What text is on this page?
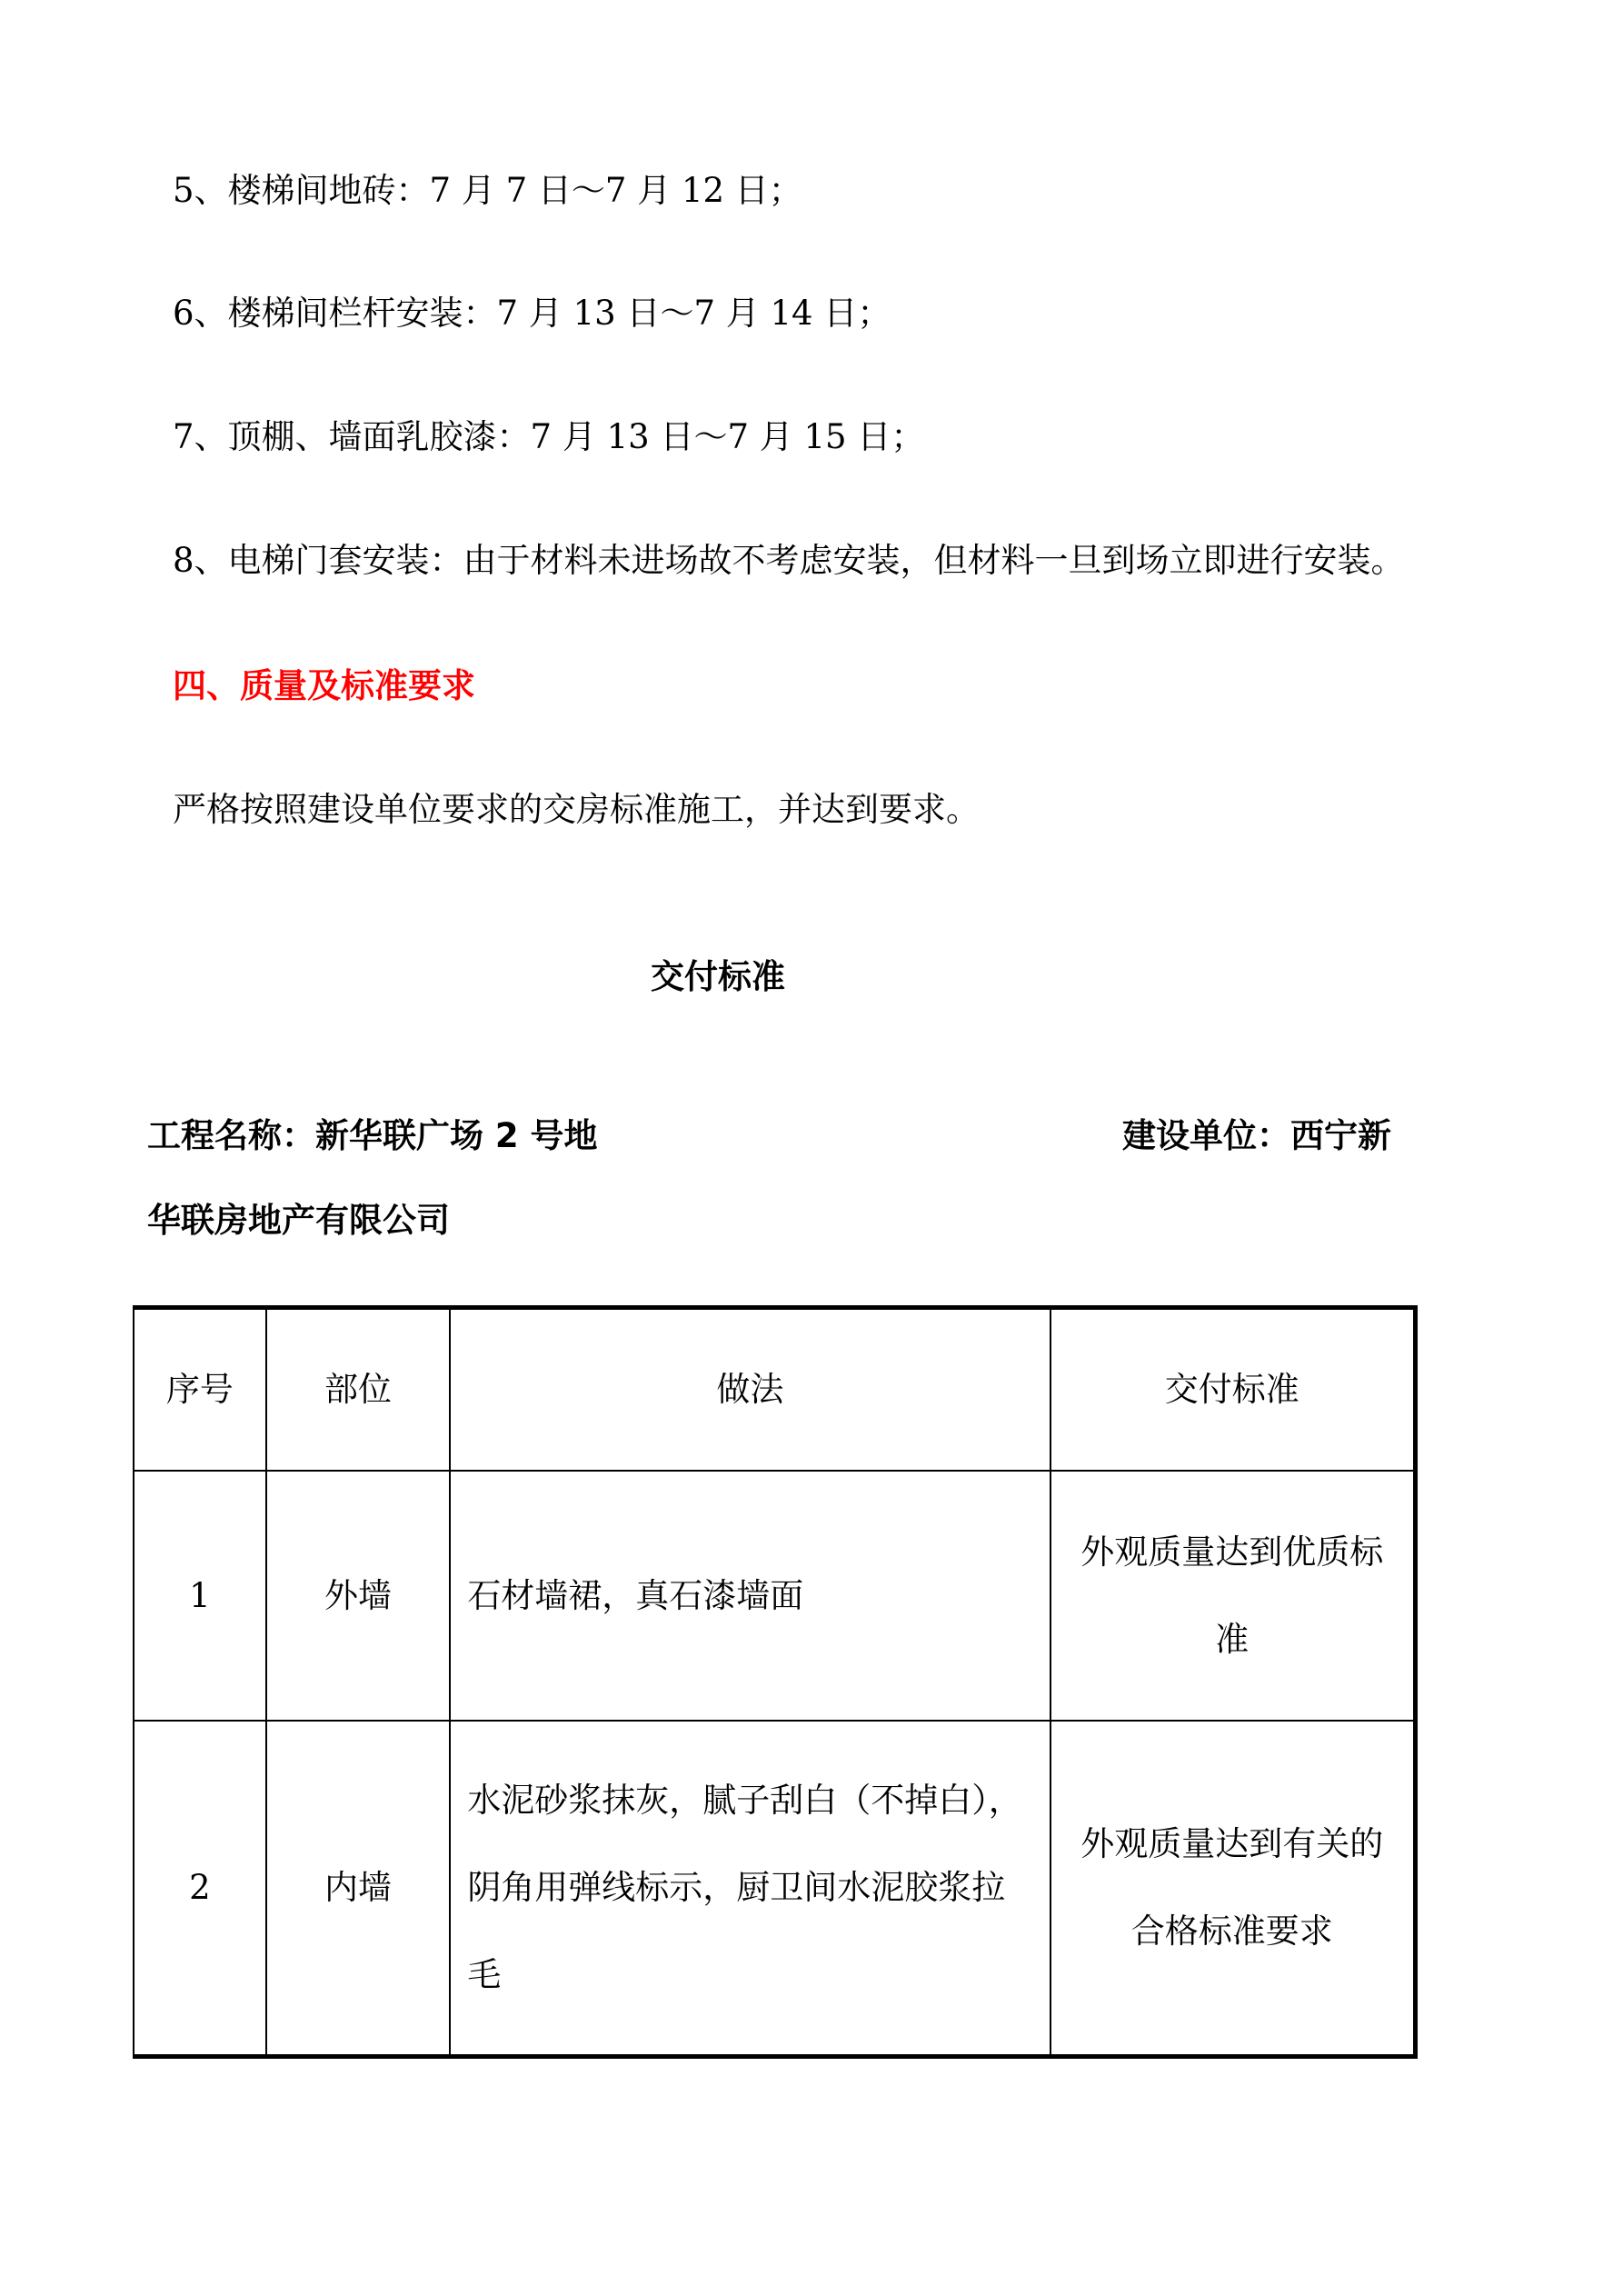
5、楼梯间地砖：7 月 7 日～7 月 12 日；
6、楼梯间栏杆安装：7 月 13 日～7 月 14 日；
7、顶棚、墙面乳胶漆：7 月 13 日～7 月 15 日；
8、电梯门套安装：由于材料未进场故不考虑安装，但材料一旦到场立即进行安装。
四、质量及标准要求
严格按照建设单位要求的交房标准施工，并达到要求。
交付标准
工程名称：新华联广场 2 号地	建设单位：西宁新
华联房地产有限公司
序号	部位	做法	交付标准
1	外墙	石材墙裙，真石漆墙面	外观质量达到优质标准
2	内墙	水泥砂浆抹灰，腻子刮白（不掉白），阴角用弹线标示，厨卫间水泥胶浆拉毛	外观质量达到有关的合格标准要求
